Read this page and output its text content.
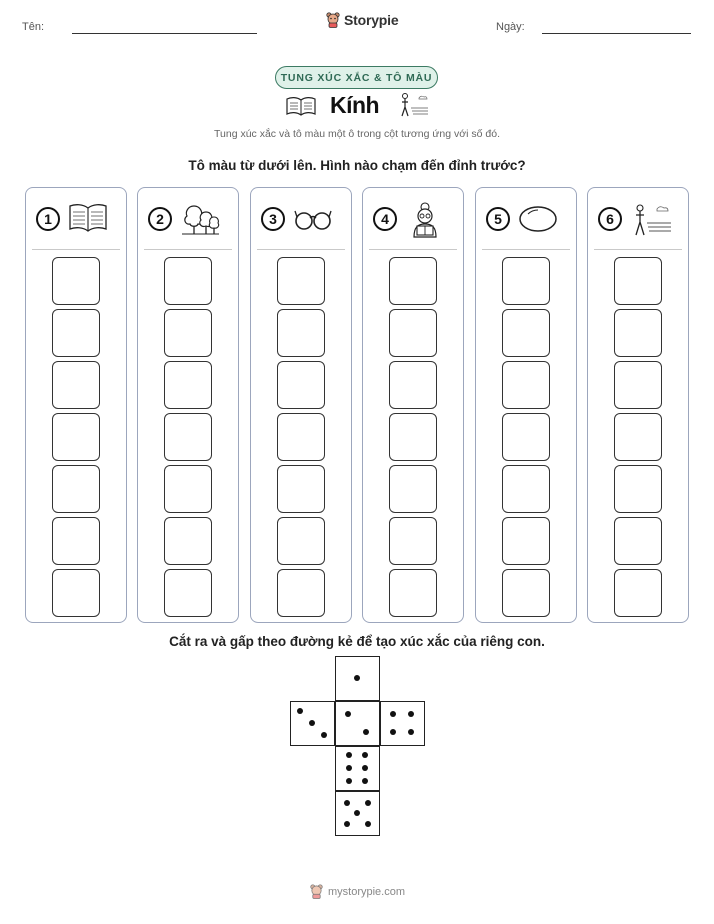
Tên:	Storypie	Ngày:
TUNG XÚC XẮC & TÔ MÀU
Kính
Tung xúc xắc và tô màu một ô trong cột tương ứng với số đó.
Tô màu từ dưới lên. Hình nào chạm đến đỉnh trước?
1	2	3	4	5	6
Cắt ra và gấp theo đường kẻ để tạo xúc xắc của riêng con.
mystorypie.com
